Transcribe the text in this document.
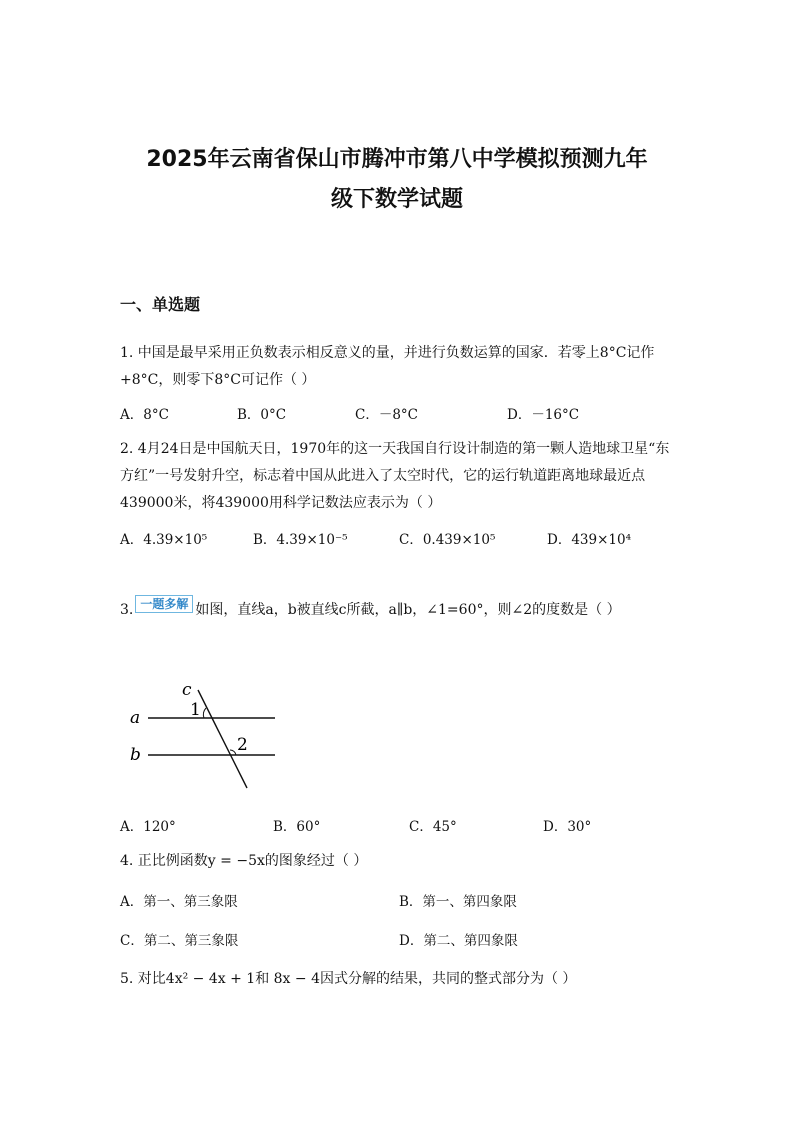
2025年云南省保山市腾冲市第八中学模拟预测九年
级下数学试题
一、单选题
1. 中国是最早采用正负数表示相反意义的量，并进行负数运算的国家．若零上8°C记作+8°C，则零下8°C可记作（ ）
A．8°C	B．0°C	C．－8°C	D．－16°C
2. 4月24日是中国航天日，1970年的这一天我国自行设计制造的第一颗人造地球卫星“东方红”一号发射升空，标志着中国从此进入了太空时代，它的运行轨道距离地球最近点439000米，将439000用科学记数法应表示为（ ）
A．4.39×10⁵	B．4.39×10⁻⁵	C．0.439×10⁵	D．439×10⁴
3. 一题多解 如图，直线a，b被直线c所截，a∥b，∠1=60°，则∠2的度数是（ ）
a
b
c
1
2
A．120°	B．60°	C．45°	D．30°
4. 正比例函数y = −5x的图象经过（ ）
A．第一、第三象限	B．第一、第四象限
C．第二、第三象限	D．第二、第四象限
5. 对比4x² − 4x + 1和 8x − 4因式分解的结果，共同的整式部分为（ ）
